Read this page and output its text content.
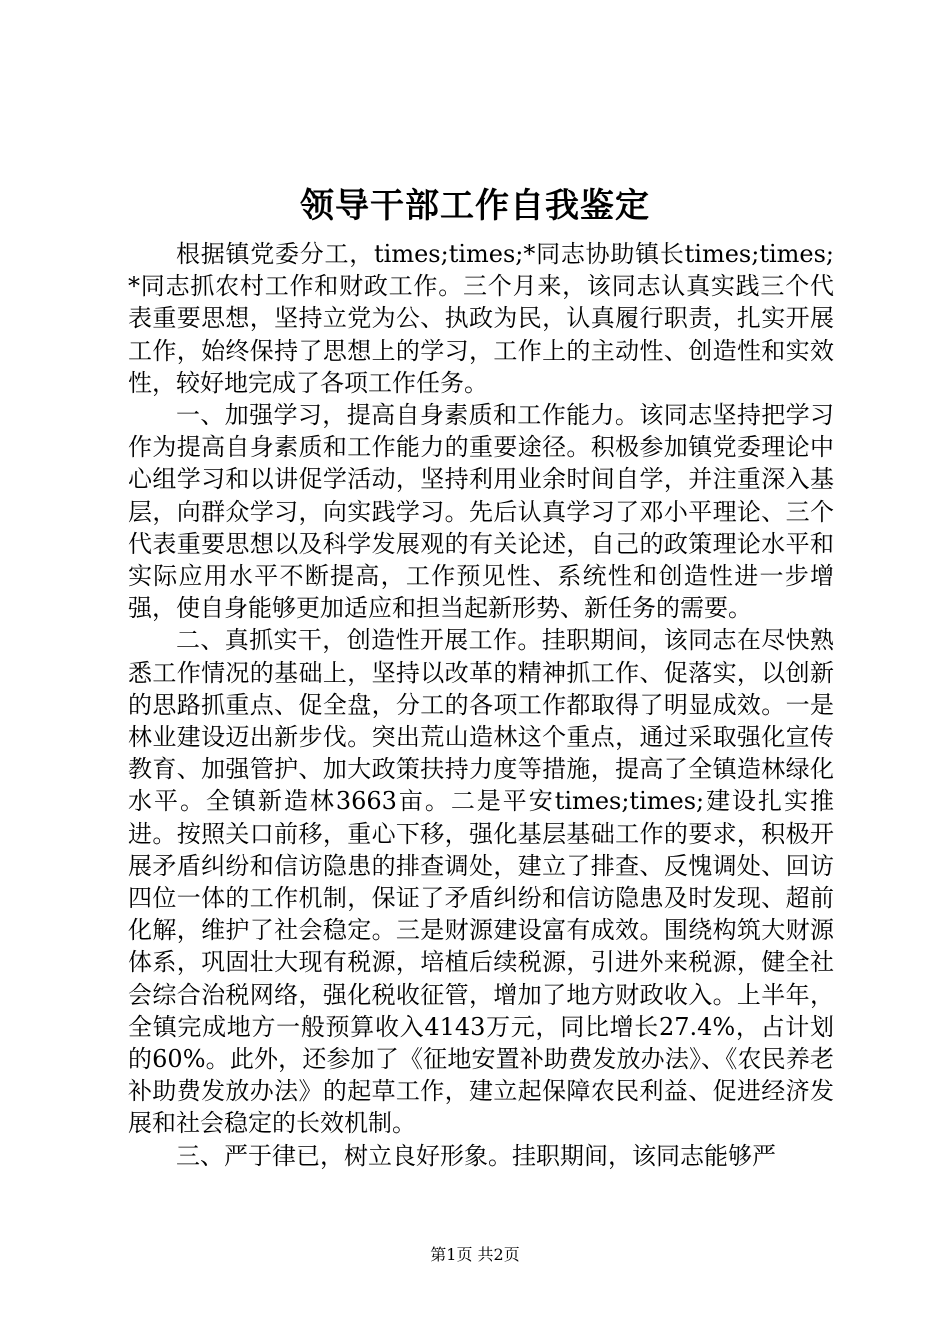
领导干部工作自我鉴定

根据镇党委分工，times;times;*同志协助镇长times;times;*同志抓农村工作和财政工作。三个月来，该同志认真实践三个代表重要思想，坚持立党为公、执政为民，认真履行职责，扎实开展工作，始终保持了思想上的学习，工作上的主动性、创造性和实效性，较好地完成了各项工作任务。

一、加强学习，提高自身素质和工作能力。该同志坚持把学习作为提高自身素质和工作能力的重要途径。积极参加镇党委理论中心组学习和以讲促学活动，坚持利用业余时间自学，并注重深入基层，向群众学习，向实践学习。先后认真学习了邓小平理论、三个代表重要思想以及科学发展观的有关论述，自己的政策理论水平和实际应用水平不断提高，工作预见性、系统性和创造性进一步增强，使自身能够更加适应和担当起新形势、新任务的需要。

二、真抓实干，创造性开展工作。挂职期间，该同志在尽快熟悉工作情况的基础上，坚持以改革的精神抓工作、促落实，以创新的思路抓重点、促全盘，分工的各项工作都取得了明显成效。一是林业建设迈出新步伐。突出荒山造林这个重点，通过采取强化宣传教育、加强管护、加大政策扶持力度等措施，提高了全镇造林绿化水平。全镇新造林3663亩。二是平安times;times;建设扎实推进。按照关口前移，重心下移，强化基层基础工作的要求，积极开展矛盾纠纷和信访隐患的排查调处，建立了排查、反愧调处、回访四位一体的工作机制，保证了矛盾纠纷和信访隐患及时发现、超前化解，维护了社会稳定。三是财源建设富有成效。围绕构筑大财源体系，巩固壮大现有税源，培植后续税源，引进外来税源，健全社会综合治税网络，强化税收征管，增加了地方财政收入。上半年，全镇完成地方一般预算收入4143万元，同比增长27.4%，占计划的60%。此外，还参加了《征地安置补助费发放办法》、《农民养老补助费发放办法》的起草工作，建立起保障农民利益、促进经济发展和社会稳定的长效机制。

三、严于律已，树立良好形象。挂职期间，该同志能够严

第1页 共2页
